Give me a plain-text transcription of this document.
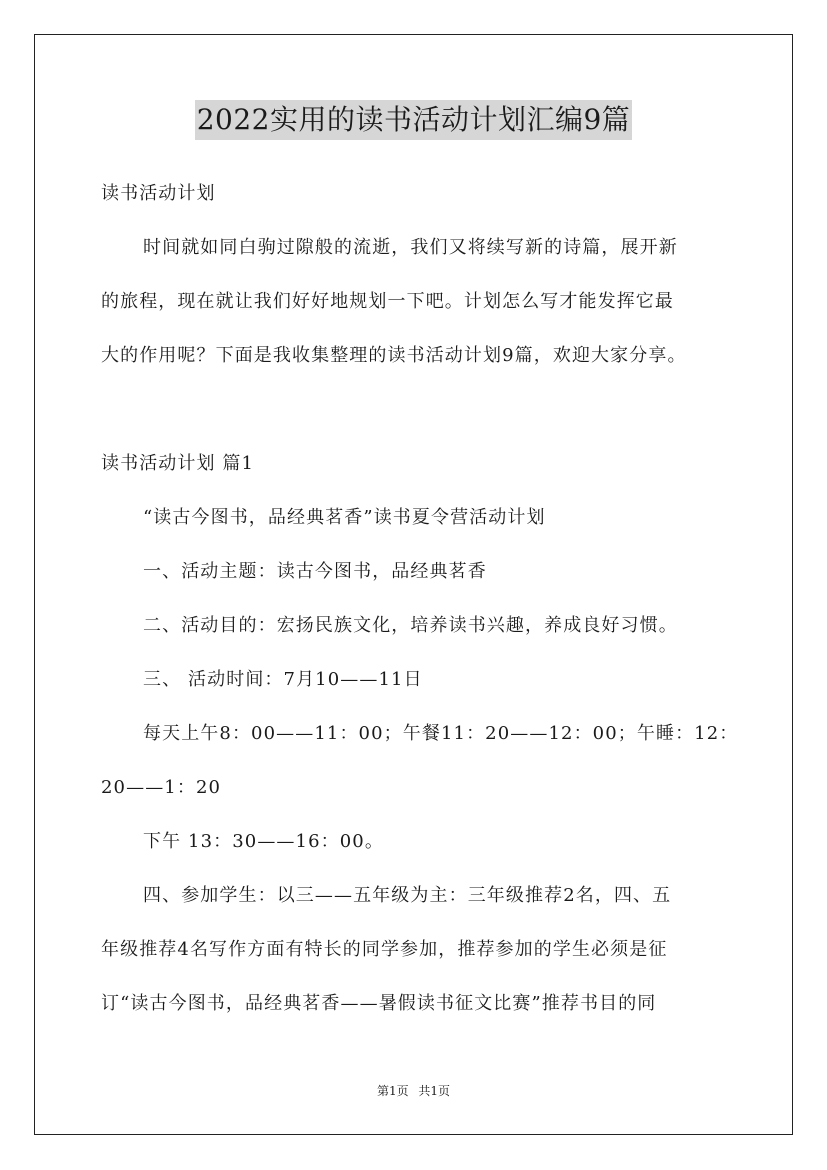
2022实用的读书活动计划汇编9篇
读书活动计划
时间就如同白驹过隙般的流逝，我们又将续写新的诗篇，展开新
的旅程，现在就让我们好好地规划一下吧。计划怎么写才能发挥它最
大的作用呢？下面是我收集整理的读书活动计划9篇，欢迎大家分享。
读书活动计划 篇1
“读古今图书，品经典茗香”读书夏令营活动计划
一、活动主题：读古今图书，品经典茗香
二、活动目的：宏扬民族文化，培养读书兴趣，养成良好习惯。
三、 活动时间：7月10——11日
每天上午8：00——11：00；午餐11：20——12：00；午睡：12：
20——1：20
下午 13：30——16：00。
四、参加学生：以三——五年级为主：三年级推荐2名，四、五
年级推荐4名写作方面有特长的同学参加，推荐参加的学生必须是征
订“读古今图书，品经典茗香——暑假读书征文比赛”推荐书目的同
第1页 共1页
